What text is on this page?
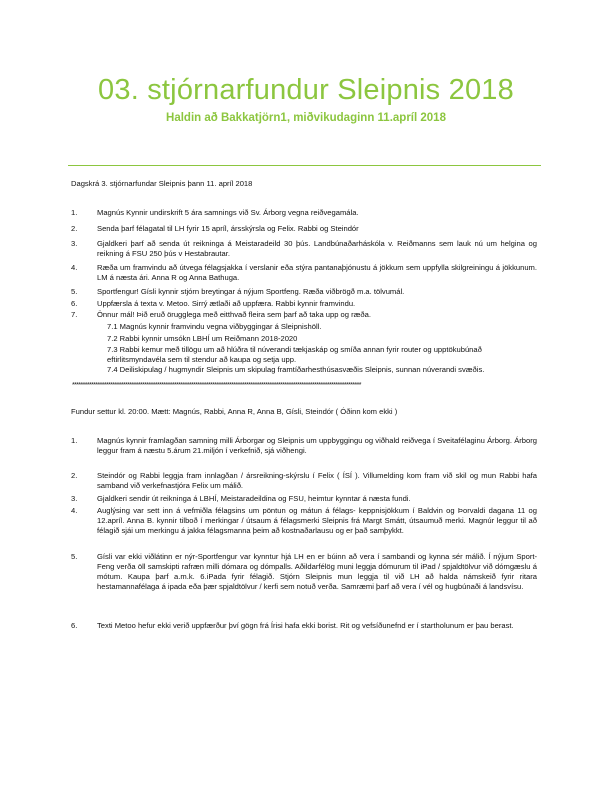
03. stjórnarfundur Sleipnis 2018
Haldin að Bakkatjörn1, miðvikudaginn 11.apríl 2018
Dagskrá 3. stjórnarfundar Sleipnis þann 11. apríl 2018
1.	Magnús Kynnir undirskrift 5 ára samnings við Sv. Árborg vegna reiðvegamála.
2.	Senda þarf félagatal til LH fyrir 15 apríl, ársskýrsla og Felix. Rabbi og Steindór
3.	Gjaldkeri þarf að senda út reikninga á Meistaradeild 30 þús. Landbúnaðarháskóla v. Reiðmanns sem lauk nú um helgina og reikning á FSU 250 þús v Hestabrautar.
4.	Ræða um framvindu að útvega félagsjakka í verslanir eða stýra pantanaþjónustu á jökkum sem uppfylla skilgreiningu á jökkunum. LM á næsta ári. Anna R og Anna Bathuga.
5.	Sportfengur! Gísli kynnir stjórn breytingar á nýjum Sportfeng. Ræða viðbrögð m.a. tölvumál.
6.	Uppfærsla á texta v. Metoo. Sirrý ætlaði að uppfæra. Rabbi kynnir framvindu.
7.	Önnur mál! Þið eruð örugglega með eitthvað fleira sem þarf að taka upp og ræða.
7.1 Magnús kynnir framvindu vegna viðbyggingar á Sleipnishöll.
7.2 Rabbi kynnir umsókn LBHÍ um Reiðmann 2018-2020
7.3 Rabbi kemur með tillögu um að hlúðra til núverandi tækjaskáp og smíða annan fyrir router og upptökubúnað eftirlitsmyndavéla sem til stendur að kaupa og setja upp.
7.4 Deiliskipulag / hugmyndir Sleipnis um skipulag framtíðarhesthúsasvæðis Sleipnis, sunnan núverandi svæðis.
****************************************************************************************************************************************
Fundur settur kl. 20:00. Mætt: Magnús, Rabbi, Anna R, Anna B, Gísli, Steindór ( Óðinn kom ekki )
1.	Magnús kynnir framlagðan samning milli Árborgar og Sleipnis um uppbyggingu og viðhald reiðvega í Sveitafélaginu Árborg. Árborg leggur fram á næstu 5.árum 21.miljón í verkefnið, sjá viðhengi.
2.	Steindór og Rabbi leggja fram innlagðan / ársreikning-skýrslu í Felix ( ÍSÍ ). Villumelding kom fram við skil og mun Rabbi hafa samband við verkefnastjóra Felix um málið.
3.	Gjaldkeri sendir út reikninga á LBHÍ, Meistaradeildina og FSU, heimtur kynntar á næsta fundi.
4.	Auglýsing var sett inn á vefmiðla félagsins um pöntun og mátun á félags- keppnisjökkum í Baldvin og Þorvaldi dagana 11 og 12.apríl. Anna B. kynnir tilboð í merkingar / útsaum á félagsmerki Sleipnis frá Margt Smátt, útsaumuð merki. Magnúr leggur til að félagið sjái um merkingu á jakka félagsmanna þeim að kostnaðarlausu og er það samþykkt.
5.	Gísli var ekki viðlátinn er nýr-Sportfengur var kynntur hjá LH en er búinn að vera í sambandi og kynna sér málið. Í nýjum Sport-Feng verða öll samskipti rafræn milli dómara og dómpalls. Aðildarfélög muni leggja dómurum til iPad / spjaldtölvur við dómgæslu á mótum. Kaupa þarf a.m.k. 6.iPada fyrir félagið. Stjórn Sleipnis mun leggja til við LH að halda námskeið fyrir ritara hestamannafélaga á ipada eða þær spjaldtölvur / kerfi sem notuð verða. Samræmi þarf að vera í vél og hugbúnaði á landsvísu.
6.	Texti Metoo hefur ekki verið uppfærður því gögn frá Írisi hafa ekki borist. Rit og vefsíðunefnd er í startholunum er þau berast.
